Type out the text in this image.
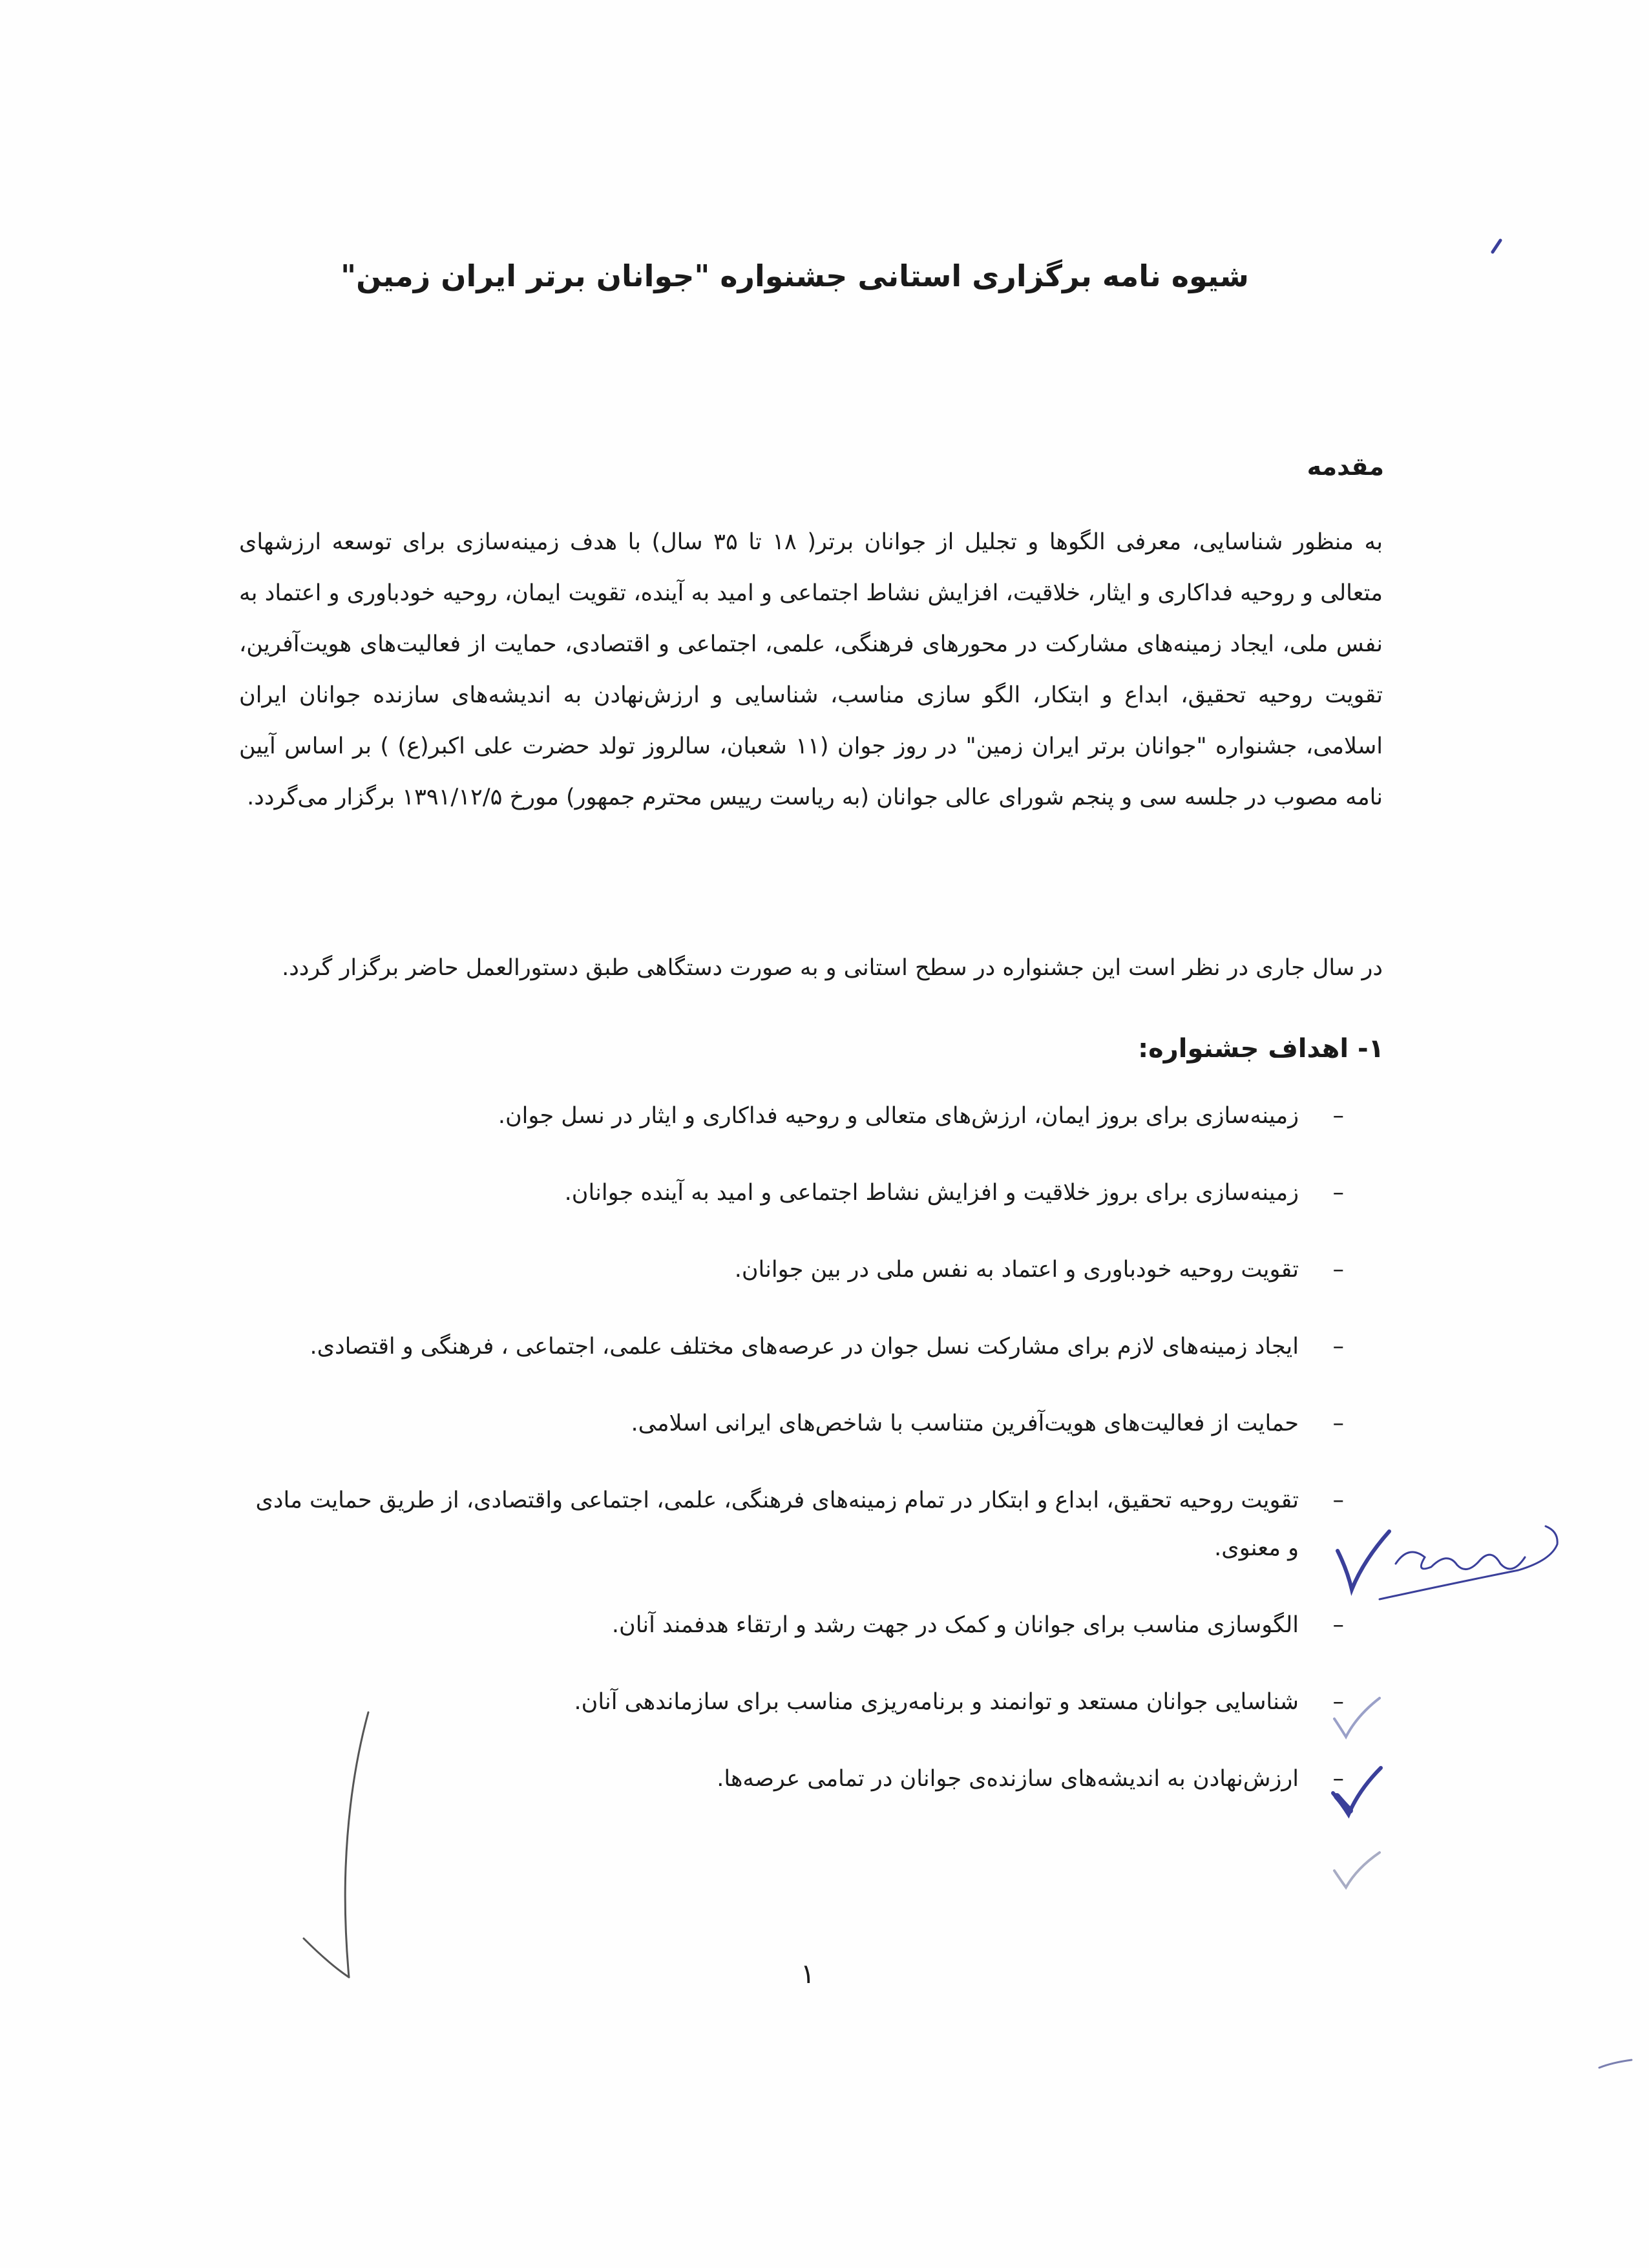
شیوه نامه برگزاری استانی جشنواره "جوانان برتر ایران زمین"
مقدمه

به منظور شناسایی، معرفی الگوها و تجلیل از جوانان برتر( ۱۸ تا ۳۵ سال) با هدف زمینه‌سازی برای توسعه ارزشهای متعالی و روحیه فداکاری و ایثار، خلاقیت، افزایش نشاط اجتماعی و امید به آینده، تقویت ایمان، روحیه خودباوری و اعتماد به نفس ملی، ایجاد زمینه‌های مشارکت در محورهای فرهنگی، علمی، اجتماعی و اقتصادی، حمایت از فعالیت‌های هویت‌آفرین، تقویت روحیه تحقیق، ابداع و ابتکار، الگو سازی مناسب، شناسایی و ارزش‌نهادن به اندیشه‌های سازنده جوانان ایران اسلامی، جشنواره "جوانان برتر ایران زمین" در روز جوان (۱۱ شعبان، سالروز تولد حضرت علی اکبر(ع) ) بر اساس آیین نامه مصوب در جلسه سی و پنجم شورای عالی جوانان (به ریاست رییس محترم جمهور) مورخ ۱۳۹۱/۱۲/۵ برگزار می‌گردد.

در سال جاری در نظر است این جشنواره در سطح استانی و به صورت دستگاهی طبق دستورالعمل حاضر برگزار گردد.

۱- اهداف جشنواره:
–
زمینه‌سازی برای بروز ایمان، ارزش‌های متعالی و روحیه فداکاری و ایثار در نسل جوان.
–
زمینه‌سازی برای بروز خلاقیت و افزایش نشاط اجتماعی و امید به آینده جوانان.
–
تقویت روحیه خودباوری و اعتماد به نفس ملی در بین جوانان.
–
ایجاد زمینه‌های لازم برای مشارکت نسل جوان در عرصه‌های مختلف علمی، اجتماعی ، فرهنگی و اقتصادی.
–
حمایت از فعالیت‌های هویت‌آفرین متناسب با شاخص‌های ایرانی اسلامی.
–
تقویت روحیه تحقیق، ابداع و ابتکار در تمام زمینه‌های فرهنگی، علمی، اجتماعی واقتصادی، از طریق حمایت مادی و معنوی.
–
الگوسازی مناسب برای جوانان و کمک در جهت رشد و ارتقاء هدفمند آنان.
–
شناسایی جوانان مستعد و توانمند و برنامه‌ریزی مناسب برای سازماندهی آنان.
–
ارزش‌نهادن به اندیشه‌های سازنده‌ی جوانان در تمامی عرصه‌ها.
۱
